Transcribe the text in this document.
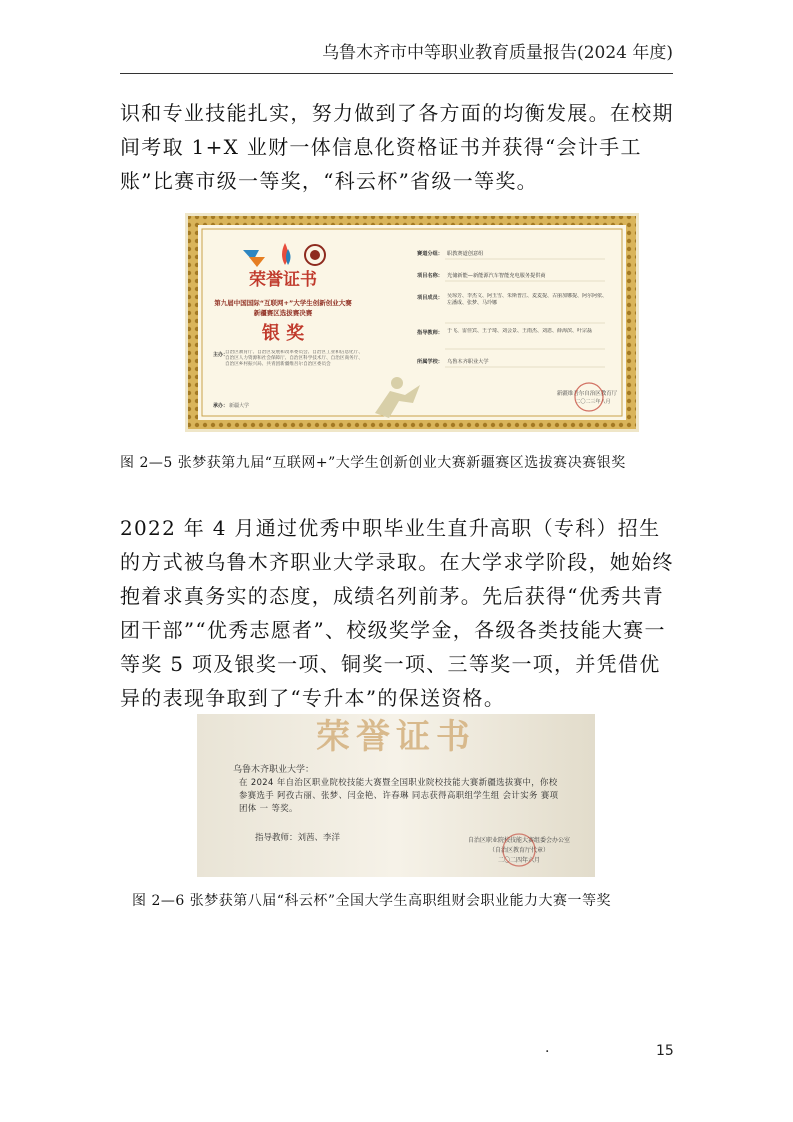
乌鲁木齐市中等职业教育质量报告(2024 年度)

识和专业技能扎实，努力做到了各方面的均衡发展。在校期间考取 1+X 业财一体信息化资格证书并获得“会计手工账”比赛市级一等奖，“科云杯”省级一等奖。

荣誉证书
第九届中国国际“互联网+”大学生创新创业大赛
新疆赛区选拔赛决赛
银 奖
主办：
自治区教育厅、自治区发展和改革委员会、自治区工业和信息化厅、自治区人力资源和社会保障厅、自治区科学技术厅、自治区商务厅、自治区乡村振兴局、共青团新疆维吾尔自治区委员会
承办： 新疆大学
赛道分组： 职教赛道创意组
项目名称： 光储新能—新能源汽车智能充电服务提供商
项目成员： 吴琼芳、李杰文、阿玉雪、朱斯普江、麦麦提、古丽加娜提、阿尔阿依、左潘成、张梦、马玲娜
指导教师： 于飞、雷佳宾、王子琦、刘会景、王雨杰、刘恩、薛海滨、叶宗磊
所属学校： 乌鲁木齐职业大学
新疆维吾尔自治区教育厅
二〇二三年八月

图 2—5 张梦获第九届“互联网+”大学生创新创业大赛新疆赛区选拔赛决赛银奖

2022 年 4 月通过优秀中职毕业生直升高职（专科）招生的方式被乌鲁木齐职业大学录取。在大学求学阶段，她始终抱着求真务实的态度，成绩名列前茅。先后获得“优秀共青团干部”“优秀志愿者”、校级奖学金，各级各类技能大赛一等奖 5 项及银奖一项、铜奖一项、三等奖一项，并凭借优异的表现争取到了“专升本”的保送资格。

荣誉证书
乌鲁木齐职业大学：
在 2024 年自治区职业院校技能大赛暨全国职业院校技能大赛新疆选拔赛中，你校参赛选手 阿孜古丽、张梦、闫金艳、许春琳 同志获得高职组学生组 会计实务 赛项团体 一 等奖。
指导教师：刘茜、李洋	自治区职业院校技能大赛组委会办公室
（自治区教育厅代章）
二〇二四年六月

图 2—6 张梦获第八届“科云杯”全国大学生高职组财会职业能力大赛一等奖

·	15
